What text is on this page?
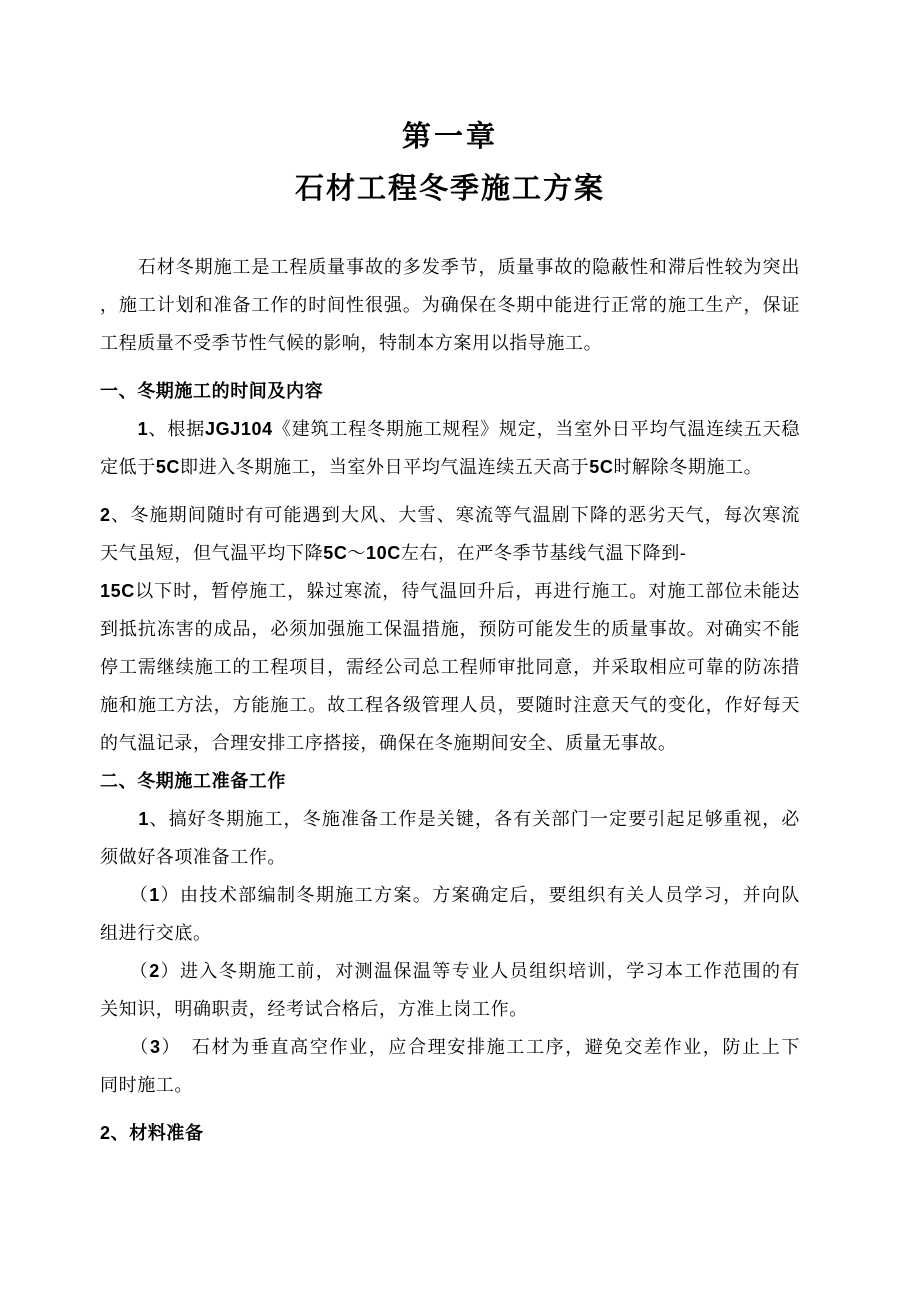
第一章
石材工程冬季施工方案
　　石材冬期施工是工程质量事故的多发季节，质量事故的隐蔽性和滞后性较为突出
，施工计划和准备工作的时间性很强。为确保在冬期中能进行正常的施工生产，保证
工程质量不受季节性气候的影响，特制本方案用以指导施工。
一、冬期施工的时间及内容
　　1、根据JGJ104《建筑工程冬期施工规程》规定，当室外日平均气温连续五天稳
定低于5C即进入冬期施工，当室外日平均气温连续五天高于5C时解除冬期施工。
2、冬施期间随时有可能遇到大风、大雪、寒流等气温剧下降的恶劣天气，每次寒流
天气虽短，但气温平均下降5C～10C左右，在严冬季节基线气温下降到-
15C以下时，暂停施工，躲过寒流，待气温回升后，再进行施工。对施工部位未能达
到抵抗冻害的成品，必须加强施工保温措施，预防可能发生的质量事故。对确实不能
停工需继续施工的工程项目，需经公司总工程师审批同意，并采取相应可靠的防冻措
施和施工方法，方能施工。故工程各级管理人员，要随时注意天气的变化，作好每天
的气温记录，合理安排工序搭接，确保在冬施期间安全、质量无事故。
二、冬期施工准备工作
　　1、搞好冬期施工，冬施准备工作是关键，各有关部门一定要引起足够重视，必
须做好各项准备工作。
　　（1）由技术部编制冬期施工方案。方案确定后，要组织有关人员学习，并向队
组进行交底。
　　（2）进入冬期施工前，对测温保温等专业人员组织培训，学习本工作范围的有
关知识，明确职责，经考试合格后，方准上岗工作。
　　（3）　石材为垂直高空作业，应合理安排施工工序，避免交差作业，防止上下
同时施工。
2、材料准备
